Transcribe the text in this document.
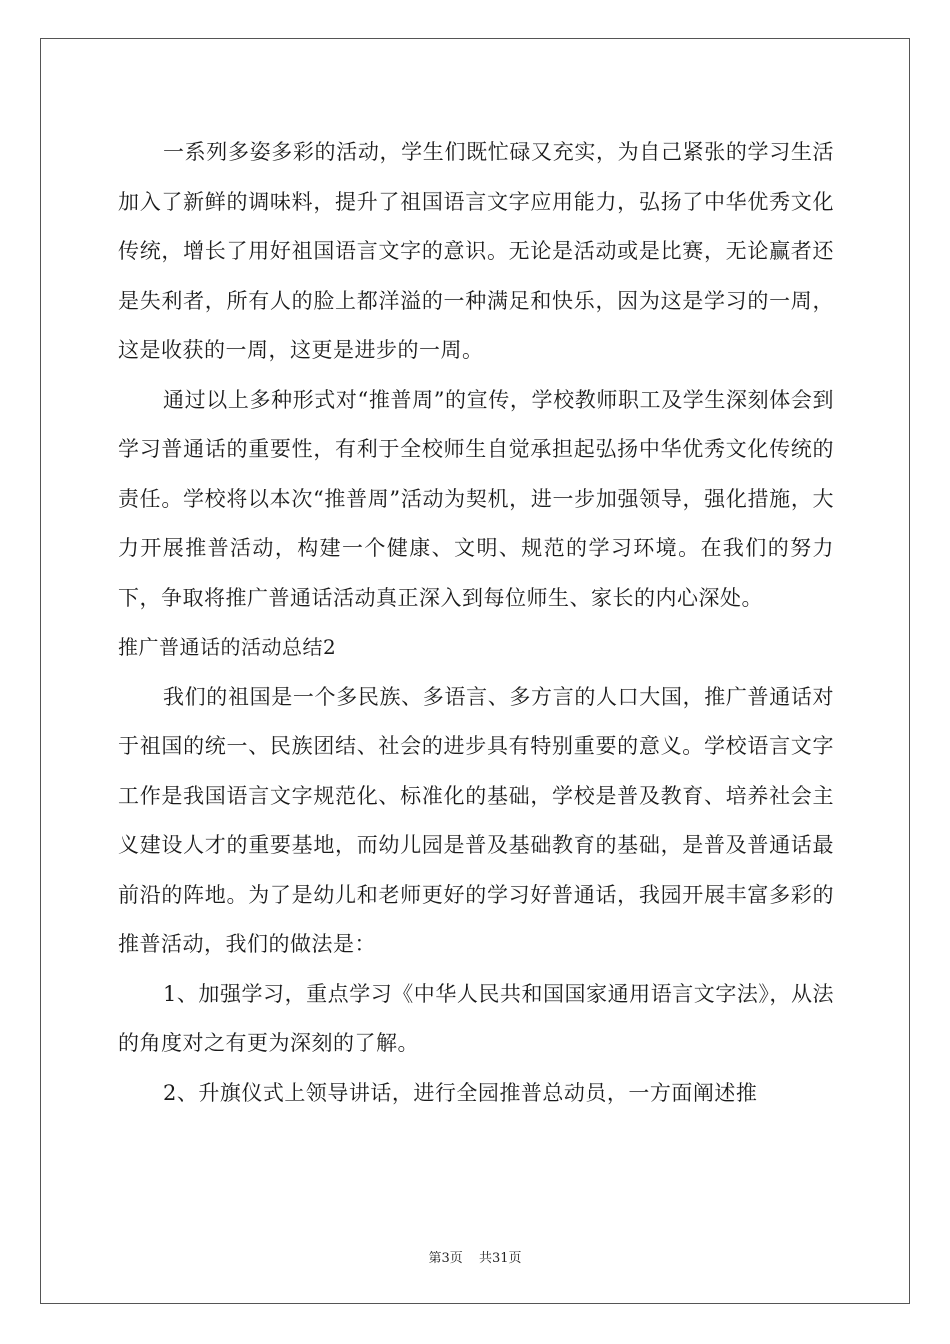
一系列多姿多彩的活动，学生们既忙碌又充实，为自己紧张的学习生活加入了新鲜的调味料，提升了祖国语言文字应用能力，弘扬了中华优秀文化传统，增长了用好祖国语言文字的意识。无论是活动或是比赛，无论赢者还是失利者，所有人的脸上都洋溢的一种满足和快乐，因为这是学习的一周，这是收获的一周，这更是进步的一周。

通过以上多种形式对“推普周”的宣传，学校教师职工及学生深刻体会到学习普通话的重要性，有利于全校师生自觉承担起弘扬中华优秀文化传统的责任。学校将以本次“推普周”活动为契机，进一步加强领导，强化措施，大力开展推普活动，构建一个健康、文明、规范的学习环境。在我们的努力下，争取将推广普通话活动真正深入到每位师生、家长的内心深处。

推广普通话的活动总结2

我们的祖国是一个多民族、多语言、多方言的人口大国，推广普通话对于祖国的统一、民族团结、社会的进步具有特别重要的意义。学校语言文字工作是我国语言文字规范化、标准化的基础，学校是普及教育、培养社会主义建设人才的重要基地，而幼儿园是普及基础教育的基础，是普及普通话最前沿的阵地。为了是幼儿和老师更好的学习好普通话，我园开展丰富多彩的推普活动，我们的做法是：

1、加强学习，重点学习《中华人民共和国国家通用语言文字法》，从法的角度对之有更为深刻的了解。

2、升旗仪式上领导讲话，进行全园推普总动员，一方面阐述推

第3页 共31页
